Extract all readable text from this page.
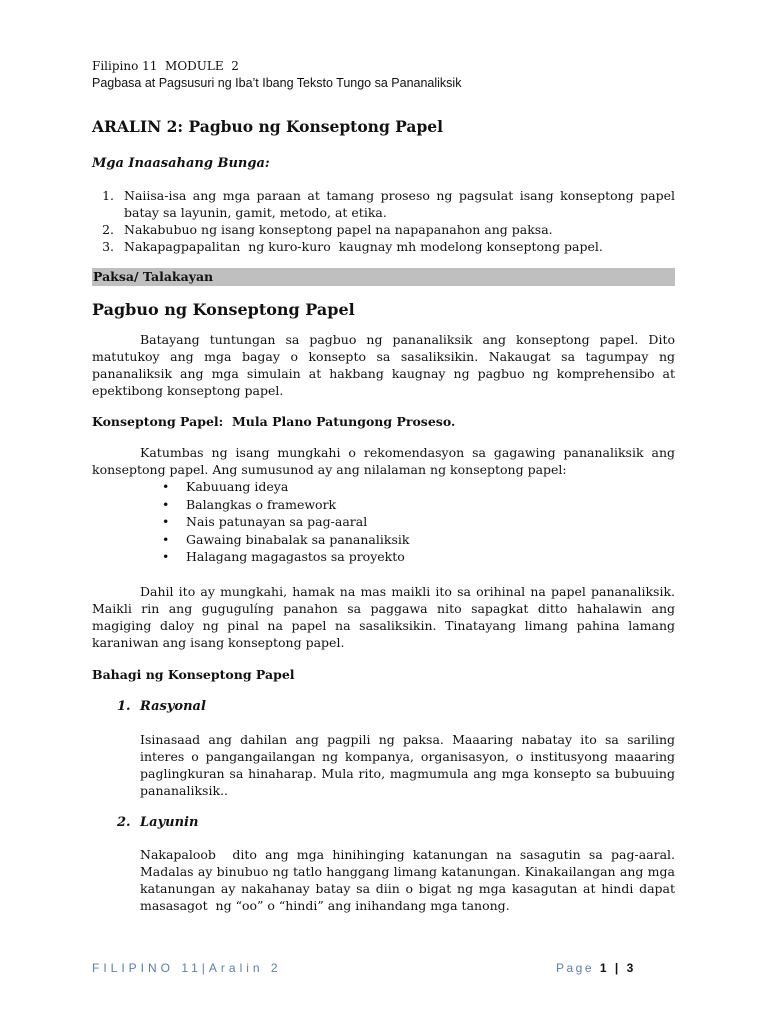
Filipino 11  MODULE  2
Pagbasa at Pagsusuri ng Iba’t Ibang Teksto Tungo sa Pananaliksik
ARALIN 2: Pagbuo ng Konseptong Papel
Mga Inaasahang Bunga:
1. Naiisa-isa ang mga paraan at tamang proseso ng pagsulat isang konseptong papel batay sa layunin, gamit, metodo, at etika.
2. Nakabubuo ng isang konseptong papel na napapanahon ang paksa.
3. Nakapagpapalitan  ng kuro-kuro  kaugnay mh modelong konseptong papel.
Paksa/ Talakayan
Pagbuo ng Konseptong Papel

Batayang tuntungan sa pagbuo ng pananaliksik ang konseptong papel. Dito matutukoy ang mga bagay o konsepto sa sasaliksikin. Nakaugat sa tagumpay ng pananaliksik ang mga simulain at hakbang kaugnay ng pagbuo ng komprehensibo at epektibong konseptong papel.

Konseptong Papel:  Mula Plano Patungong Proseso.

Katumbas ng isang mungkahi o rekomendasyon sa gagawing pananaliksik ang konseptong papel. Ang sumusunod ay ang nilalaman ng konseptong papel:

• Kabuuang ideya
• Balangkas o framework
• Nais patunayan sa pag-aaral
• Gawaing binabalak sa pananaliksik
• Halagang magagastos sa proyekto

Dahil ito ay mungkahi, hamak na mas maikli ito sa orihinal na papel pananaliksik. Maikli rin ang gugugulíng panahon sa paggawa nito sapagkat ditto hahalawin ang magiging daloy ng pinal na papel na sasaliksikin. Tinatayang limang pahina lamang karaniwan ang isang konseptong papel.

Bahagi ng Konseptong Papel
1. Rasyonal

Isinasaad ang dahilan ang pagpili ng paksa. Maaaring nabatay ito sa sariling interes o pangangailangan ng kompanya, organisasyon, o institusyong maaaring paglingkuran sa hinaharap. Mula rito, magmumula ang mga konsepto sa bubuuing pananaliksik..

2. Layunin

Nakapaloob  dito ang mga hinihinging katanungan na sasagutin sa pag-aaral. Madalas ay binubuo ng tatlo hanggang limang katanungan. Kinakailangan ang mga katanungan ay nakahanay batay sa diin o bigat ng mga kasagutan at hindi dapat masasagot  ng “oo” o “hindi” ang inihandang mga tanong.

FILIPINO 11|Aralin 2	Page 1 | 3
